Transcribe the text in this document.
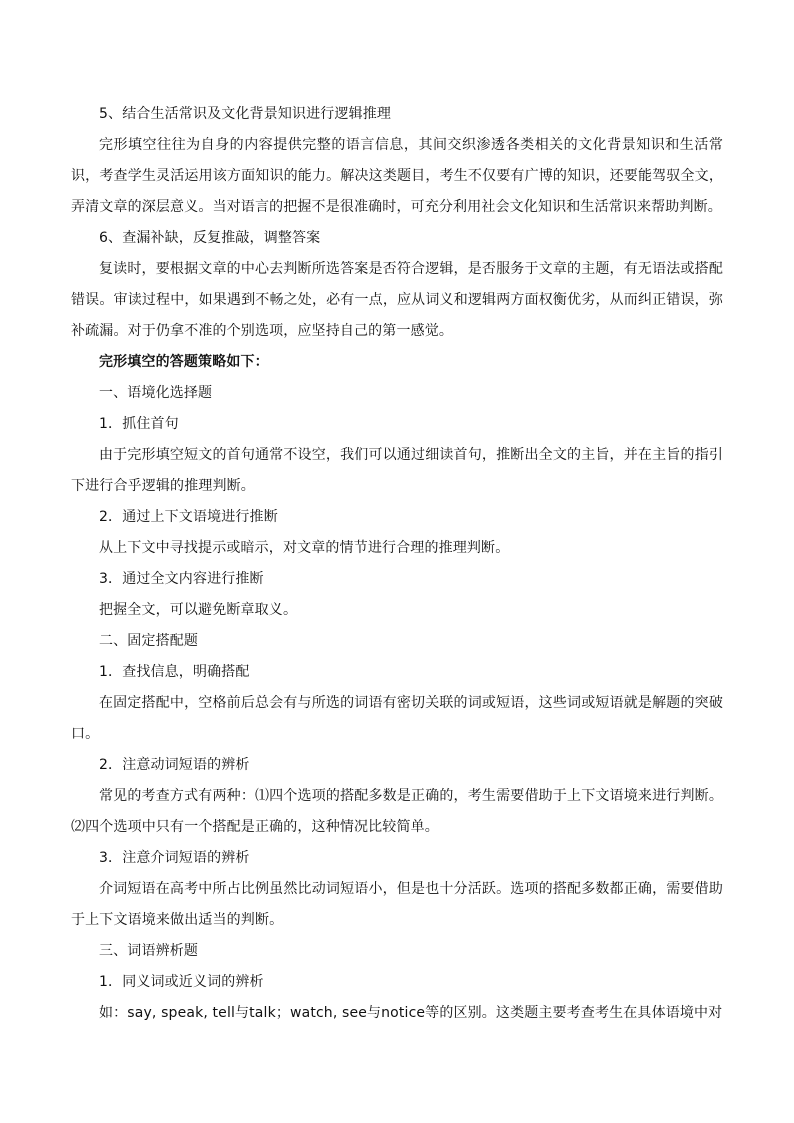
5、结合生活常识及文化背景知识进行逻辑推理

完形填空往往为自身的内容提供完整的语言信息，其间交织渗透各类相关的文化背景知识和生活常识，考查学生灵活运用该方面知识的能力。解决这类题目，考生不仅要有广博的知识，还要能驾驭全文，弄清文章的深层意义。当对语言的把握不是很准确时，可充分利用社会文化知识和生活常识来帮助判断。

6、查漏补缺，反复推敲，调整答案

复读时，要根据文章的中心去判断所选答案是否符合逻辑，是否服务于文章的主题，有无语法或搭配错误。审读过程中，如果遇到不畅之处，必有一点，应从词义和逻辑两方面权衡优劣，从而纠正错误，弥补疏漏。对于仍拿不准的个别选项，应坚持自己的第一感觉。

完形填空的答题策略如下：

一、语境化选择题

1．抓住首句

由于完形填空短文的首句通常不设空，我们可以通过细读首句，推断出全文的主旨，并在主旨的指引下进行合乎逻辑的推理判断。

2．通过上下文语境进行推断

从上下文中寻找提示或暗示，对文章的情节进行合理的推理判断。

3．通过全文内容进行推断

把握全文，可以避免断章取义。

二、固定搭配题

1．查找信息，明确搭配

在固定搭配中，空格前后总会有与所选的词语有密切关联的词或短语，这些词或短语就是解题的突破口。

2．注意动词短语的辨析

常见的考查方式有两种：⑴四个选项的搭配多数是正确的，考生需要借助于上下文语境来进行判断。⑵四个选项中只有一个搭配是正确的，这种情况比较简单。

3．注意介词短语的辨析

介词短语在高考中所占比例虽然比动词短语小，但是也十分活跃。选项的搭配多数都正确，需要借助于上下文语境来做出适当的判断。

三、词语辨析题

1．同义词或近义词的辨析

如：say, speak, tell与talk；watch, see与notice等的区别。这类题主要考查考生在具体语境中对
